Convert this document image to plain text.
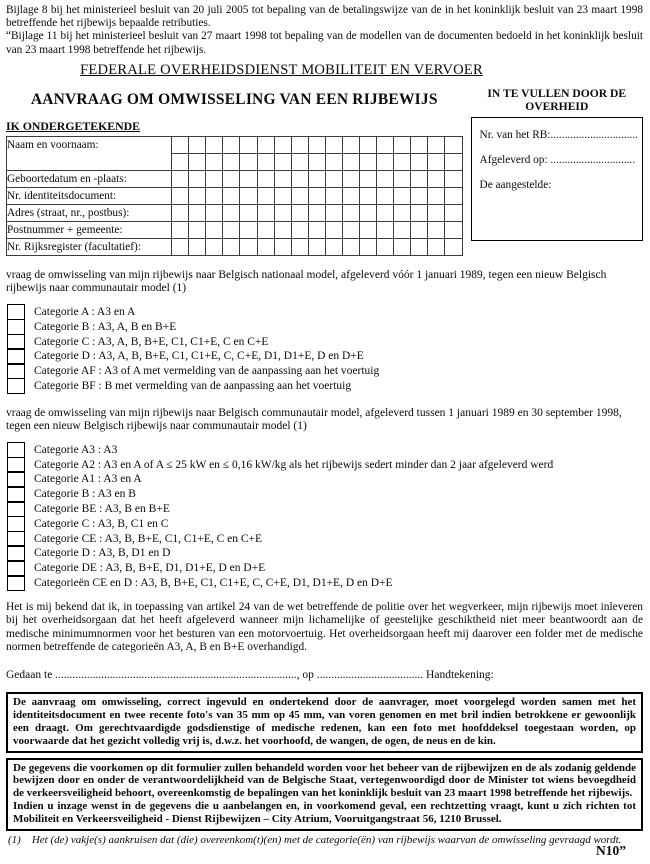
Bijlage 8 bij het ministerieel besluit van 20 juli 2005 tot bepaling van de betalingswijze van de in het koninklijk besluit van 23 maart 1998 betreffende het rijbewijs bepaalde retributies.

“Bijlage 11 bij het ministerieel besluit van 27 maart 1998 tot bepaling van de modellen van de documenten bedoeld in het koninklijk besluit van 23 maart 1998 betreffende het rijbewijs.

FEDERALE OVERHEIDSDIENST MOBILITEIT EN VERVOER
AANVRAAG OM OMWISSELING VAN EEN RIJBEWIJS
IK ONDERGETEKENDE
Naam en voornaam:																	

Geboortedatum en -plaats:																	

Nr. identiteitsdocument:																	

Adres (straat, nr., postbus):																	

Postnummer + gemeente:																	

Nr. Rijksregister (facultatief):																	

IN TE VULLEN DOOR DE OVERHEID
Nr. van het RB:...............................
Afgeleverd op: ..............................
De aangestelde:

vraag de omwisseling van mijn rijbewijs naar Belgisch nationaal model, afgeleverd vóór 1 januari 1989, tegen een nieuw Belgisch rijbewijs naar communautair model (1)

Categorie A : A3 en A
Categorie B : A3, A, B en B+E
Categorie C : A3, A, B, B+E, C1, C1+E, C en C+E
Categorie D : A3, A, B, B+E, C1, C1+E, C, C+E, D1, D1+E, D en D+E
Categorie AF : A3 of A met vermelding van de aanpassing aan het voertuig
Categorie BF : B met vermelding van de aanpassing aan het voertuig

vraag de omwisseling van mijn rijbewijs naar Belgisch communautair model, afgeleverd tussen 1 januari 1989 en 30 september 1998, tegen een nieuw Belgisch rijbewijs naar communautair model (1)

Categorie A3 : A3
Categorie A2 : A3 en A of A ≤ 25 kW en ≤ 0,16 kW/kg als het rijbewijs sedert minder dan 2 jaar afgeleverd werd
Categorie A1 : A3 en A
Categorie B : A3 en B
Categorie BE : A3, B en B+E
Categorie C : A3, B, C1 en C
Categorie CE : A3, B, B+E, C1, C1+E, C en C+E
Categorie D : A3, B, D1 en D
Categorie DE : A3, B, B+E, D1, D1+E, D en D+E
Categorieën CE en D : A3, B, B+E, C1, C1+E, C, C+E, D1, D1+E, D en D+E

Het is mij bekend dat ik, in toepassing van artikel 24 van de wet betreffende de politie over het wegverkeer, mijn rijbewijs moet inleveren bij het overheidsorgaan dat het heeft afgeleverd wanneer mijn lichamelijke of geestelijke geschiktheid niet meer beantwoordt aan de medische minimumnormen voor het besturen van een motorvoertuig. Het overheidsorgaan heeft mij daarover een folder met de medische normen betreffende de categorieën A3, A, B en B+E overhandigd.

Gedaan te ...................................................................................., op ..................................... Handtekening:

De aanvraag om omwisseling, correct ingevuld en ondertekend door de aanvrager, moet voorgelegd worden samen met het identiteitsdocument en twee recente foto's van 35 mm op 45 mm, van voren genomen en met bril indien betrokkene er gewoonlijk een draagt. Om gerechtvaardigde godsdienstige of medische redenen, kan een foto met hoofddeksel toegestaan worden, op voorwaarde dat het gezicht volledig vrij is, d.w.z. het voorhoofd, de wangen, de ogen, de neus en de kin.

De gegevens die voorkomen op dit formulier zullen behandeld worden voor het beheer van de rijbewijzen en de als zodanig geldende bewijzen door en onder de verantwoordelijkheid van de Belgische Staat, vertegenwoordigd door de Minister tot wiens bevoegdheid de verkeersveiligheid behoort, overeenkomstig de bepalingen van het koninklijk besluit van 23 maart 1998 betreffende het rijbewijs.

Indien u inzage wenst in de gegevens die u aanbelangen en, in voorkomend geval, een rechtzetting vraagt, kunt u zich richten tot Mobiliteit en Verkeersveiligheid - Dienst Rijbewijzen – City Atrium, Vooruitgangstraat 56, 1210 Brussel.

(1) Het (de) vakje(s) aankruisen dat (die) overeenkom(t)(en) met de categorie(ën) van rijbewijs waarvan de omwisseling gevraagd wordt.

N10”
